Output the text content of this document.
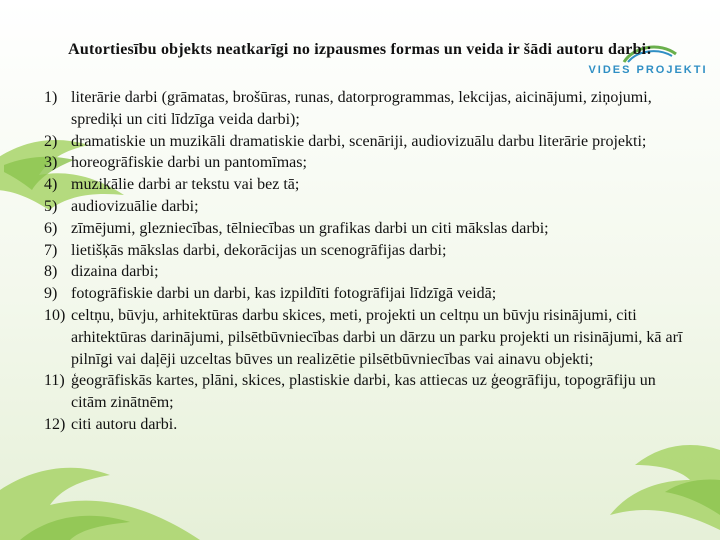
VIDES PROJEKTI
Autortiesību objekts neatkarīgi no izpausmes formas un veida ir šādi autoru darbi:
1) literārie darbi (grāmatas, brošūras, runas, datorprogrammas, lekcijas, aicinājumi, ziņojumi, sprediķi un citi līdzīga veida darbi);
2) dramatiskie un muzikāli dramatiskie darbi, scenāriji, audiovizuālu darbu literārie projekti;
3) horeogrāfiskie darbi un pantomīmas;
4) muzikālie darbi ar tekstu vai bez tā;
5) audiovizuālie darbi;
6) zīmējumi, glezniecības, tēlniecības un grafikas darbi un citi mākslas darbi;
7) lietišķās mākslas darbi, dekorācijas un scenogrāfijas darbi;
8) dizaina darbi;
9) fotogrāfiskie darbi un darbi, kas izpildīti fotogrāfijai līdzīgā veidā;
10) celtņu, būvju, arhitektūras darbu skices, meti, projekti un celtņu un būvju risinājumi, citi arhitektūras darinājumi, pilsētbūvniecības darbi un dārzu un parku projekti un risinājumi, kā arī pilnīgi vai daļēji uzceltas būves un realizētie pilsētbūvniecības vai ainavu objekti;
11) ģeogrāfiskās kartes, plāni, skices, plastiskie darbi, kas attiecas uz ģeogrāfiju, topogrāfiju un citām zinātnēm;
12) citi autoru darbi.
